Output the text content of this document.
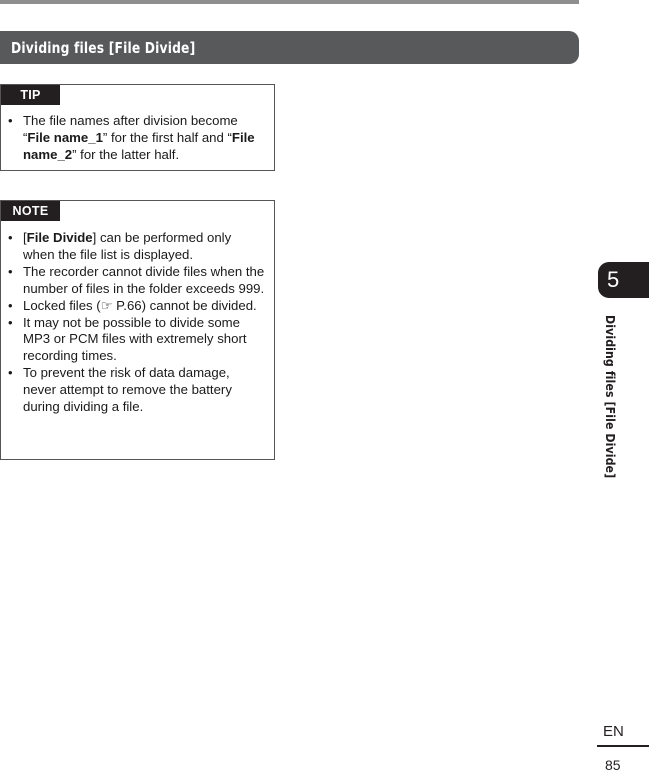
Dividing files [File Divide]
TIP
• The file names after division become “File name_1” for the first half and “File name_2” for the latter half.
NOTE
• [File Divide] can be performed only when the file list is displayed.
• The recorder cannot divide files when the number of files in the folder exceeds 999.
• Locked files (☞ P.66) cannot be divided.
• It may not be possible to divide some MP3 or PCM files with extremely short recording times.
• To prevent the risk of data damage, never attempt to remove the battery during dividing a file.
5
Dividing files [File Divide]
EN
85
